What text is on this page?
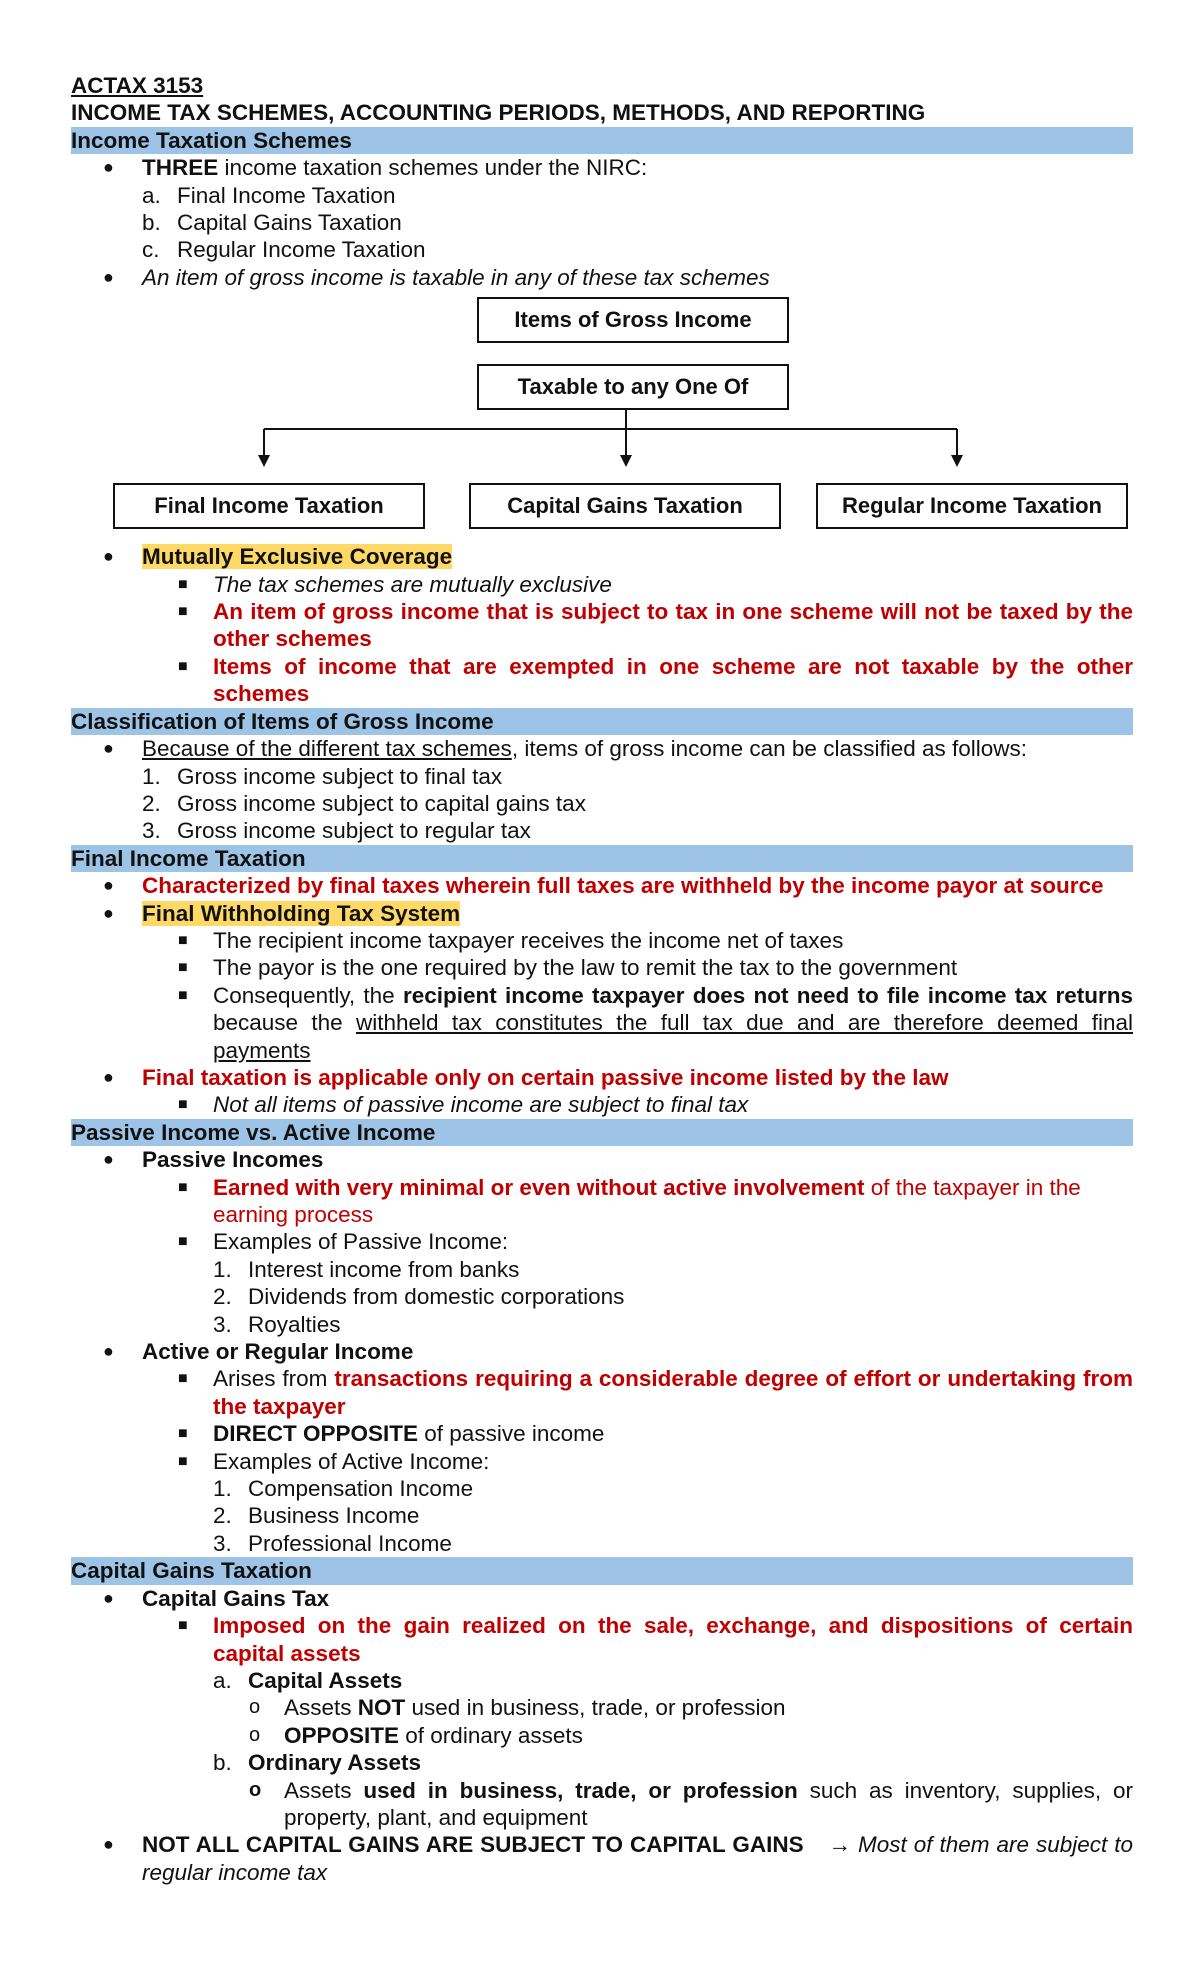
ACTAX 3153
INCOME TAX SCHEMES, ACCOUNTING PERIODS, METHODS, AND REPORTING
Income Taxation Schemes
● THREE income taxation schemes under the NIRC:
a. Final Income Taxation
b. Capital Gains Taxation
c. Regular Income Taxation
● An item of gross income is taxable in any of these tax schemes
Items of Gross Income
Taxable to any One Of
Final Income Taxation	Capital Gains Taxation	Regular Income Taxation
● Mutually Exclusive Coverage
■ The tax schemes are mutually exclusive
■ An item of gross income that is subject to tax in one scheme will not be taxed by the other schemes
■ Items of income that are exempted in one scheme are not taxable by the other schemes
Classification of Items of Gross Income
● Because of the different tax schemes, items of gross income can be classified as follows:
1. Gross income subject to final tax
2. Gross income subject to capital gains tax
3. Gross income subject to regular tax
Final Income Taxation
● Characterized by final taxes wherein full taxes are withheld by the income payor at source
● Final Withholding Tax System
■ The recipient income taxpayer receives the income net of taxes
■ The payor is the one required by the law to remit the tax to the government
■ Consequently, the recipient income taxpayer does not need to file income tax returns because the withheld tax constitutes the full tax due and are therefore deemed final payments
● Final taxation is applicable only on certain passive income listed by the law
■ Not all items of passive income are subject to final tax
Passive Income vs. Active Income
● Passive Incomes
■ Earned with very minimal or even without active involvement of the taxpayer in the earning process
■ Examples of Passive Income:
1. Interest income from banks
2. Dividends from domestic corporations
3. Royalties
● Active or Regular Income
■ Arises from transactions requiring a considerable degree of effort or undertaking from the taxpayer
■ DIRECT OPPOSITE of passive income
■ Examples of Active Income:
1. Compensation Income
2. Business Income
3. Professional Income
Capital Gains Taxation
● Capital Gains Tax
■ Imposed on the gain realized on the sale, exchange, and dispositions of certain capital assets
a. Capital Assets
o Assets NOT used in business, trade, or profession
o OPPOSITE of ordinary assets
b. Ordinary Assets
o Assets used in business, trade, or profession such as inventory, supplies, or property, plant, and equipment
● NOT ALL CAPITAL GAINS ARE SUBJECT TO CAPITAL GAINS → Most of them are subject to regular income tax
